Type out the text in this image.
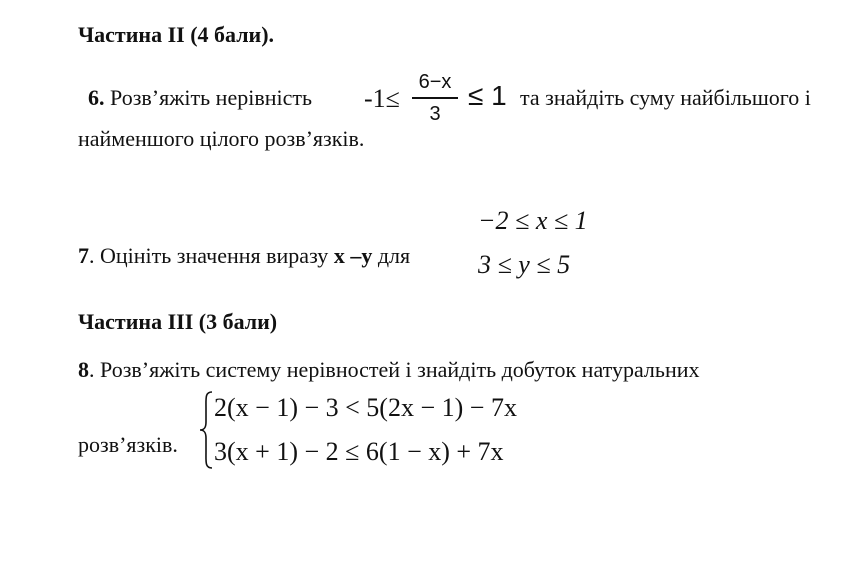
Частина II (4 бали).
6. Розв’яжіть нерівність -1≤
6−x
3
≤ 1 та знайдіть суму найбільшого і
найменшого цілого розв’язків.
−2 ≤ x ≤ 1
7. Оцініть значення виразу x –y для	3 ≤ y ≤ 5
Частина III (3 бали)
8. Розв’яжіть систему нерівностей і знайдіть добуток натуральних
розв’язків.
2(x − 1) − 3 < 5(2x − 1) − 7x
3(x + 1) − 2 ≤ 6(1 − x) + 7x
